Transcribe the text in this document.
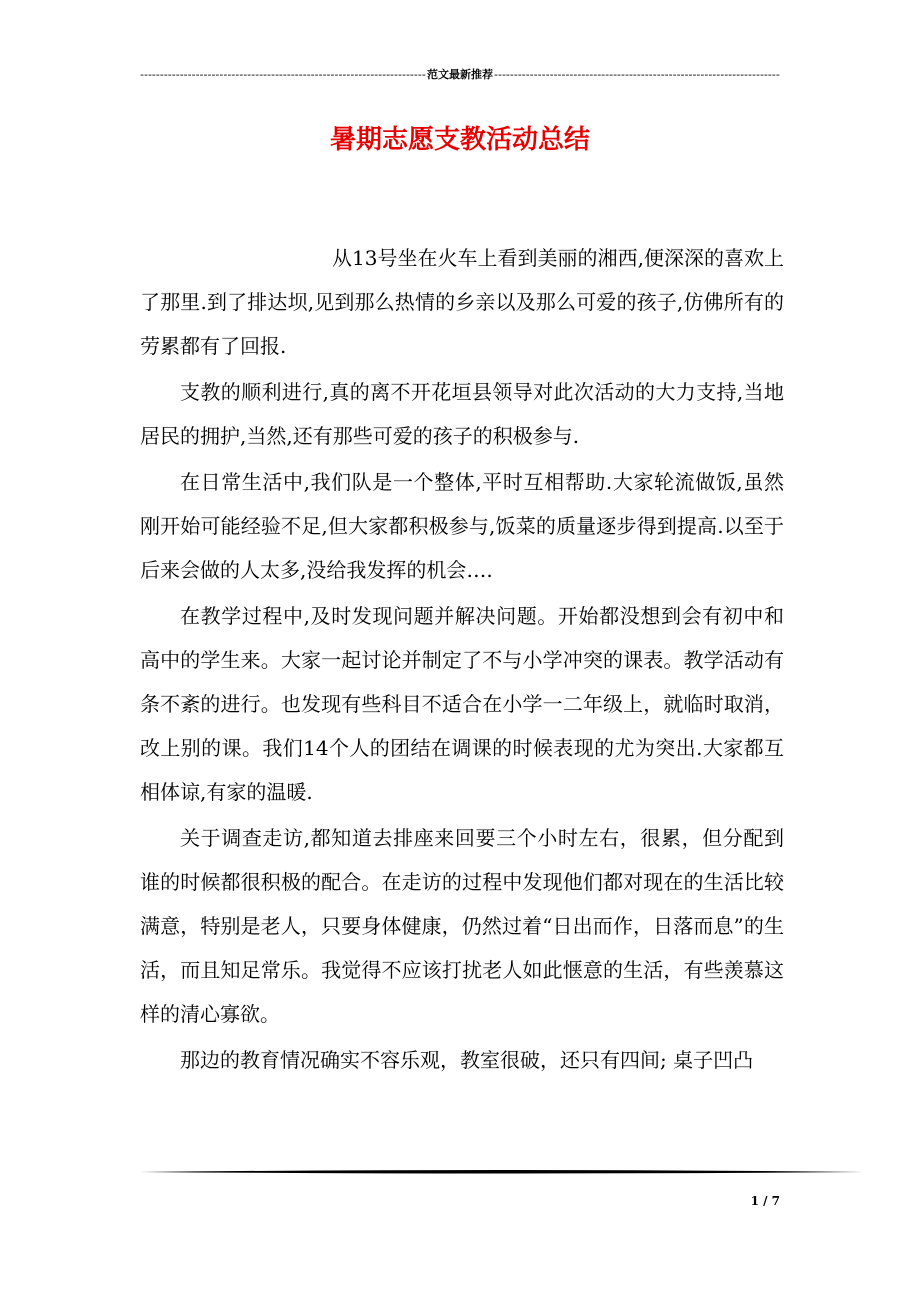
-----
范文最新推荐
-----
暑期志愿支教活动总结

从13号坐在火车上看到美丽的湘西,便深深的喜欢上了那里.到了排达坝,见到那么热情的乡亲以及那么可爱的孩子,仿佛所有的劳累都有了回报.

支教的顺利进行,真的离不开花垣县领导对此次活动的大力支持,当地居民的拥护,当然,还有那些可爱的孩子的积极参与.

在日常生活中,我们队是一个整体,平时互相帮助.大家轮流做饭,虽然刚开始可能经验不足,但大家都积极参与,饭菜的质量逐步得到提高.以至于后来会做的人太多,没给我发挥的机会….

在教学过程中,及时发现问题并解决问题。开始都没想到会有初中和高中的学生来。大家一起讨论并制定了不与小学冲突的课表。教学活动有条不紊的进行。也发现有些科目不适合在小学一二年级上，就临时取消，改上别的课。我们14个人的团结在调课的时候表现的尤为突出.大家都互相体谅,有家的温暖.

关于调查走访,都知道去排座来回要三个小时左右，很累，但分配到谁的时候都很积极的配合。在走访的过程中发现他们都对现在的生活比较满意，特别是老人，只要身体健康，仍然过着“日出而作，日落而息”的生活，而且知足常乐。我觉得不应该打扰老人如此惬意的生活，有些羡慕这样的清心寡欲。

那边的教育情况确实不容乐观，教室很破，还只有四间; 桌子凹凸

1 / 7
